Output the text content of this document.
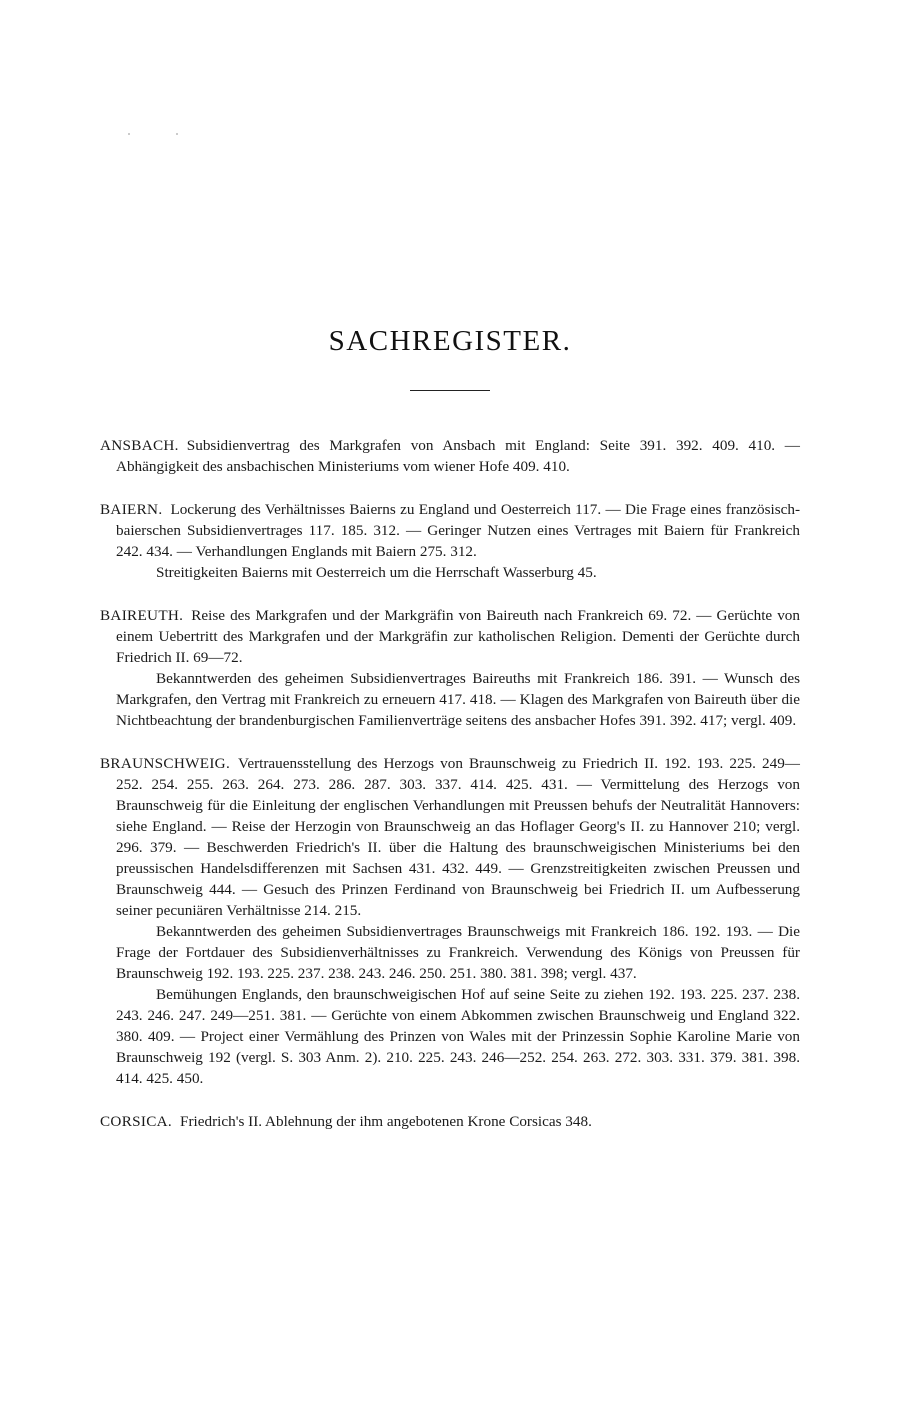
SACHREGISTER.

ANSBACH. Subsidienvertrag des Markgrafen von Ansbach mit England: Seite 391. 392. 409. 410. — Abhängigkeit des ansbachischen Ministeriums vom wiener Hofe 409. 410.

BAIERN. Lockerung des Verhältnisses Baierns zu England und Oesterreich 117. — Die Frage eines französisch-baierschen Subsidienvertrages 117. 185. 312. — Geringer Nutzen eines Vertrages mit Baiern für Frankreich 242. 434. — Verhandlungen Englands mit Baiern 275. 312.

Streitigkeiten Baierns mit Oesterreich um die Herrschaft Wasserburg 45.

BAIREUTH. Reise des Markgrafen und der Markgräfin von Baireuth nach Frankreich 69. 72. — Gerüchte von einem Uebertritt des Markgrafen und der Markgräfin zur katholischen Religion. Dementi der Gerüchte durch Friedrich II. 69—72.

Bekanntwerden des geheimen Subsidienvertrages Baireuths mit Frankreich 186. 391. — Wunsch des Markgrafen, den Vertrag mit Frankreich zu erneuern 417. 418. — Klagen des Markgrafen von Baireuth über die Nichtbeachtung der brandenburgischen Familienverträge seitens des ansbacher Hofes 391. 392. 417; vergl. 409.

BRAUNSCHWEIG. Vertrauensstellung des Herzogs von Braunschweig zu Friedrich II. 192. 193. 225. 249—252. 254. 255. 263. 264. 273. 286. 287. 303. 337. 414. 425. 431. — Vermittelung des Herzogs von Braunschweig für die Einleitung der englischen Verhandlungen mit Preussen behufs der Neutralität Hannovers: siehe England. — Reise der Herzogin von Braunschweig an das Hoflager Georg's II. zu Hannover 210; vergl. 296. 379. — Beschwerden Friedrich's II. über die Haltung des braunschweigischen Ministeriums bei den preussischen Handelsdifferenzen mit Sachsen 431. 432. 449. — Grenzstreitigkeiten zwischen Preussen und Braunschweig 444. — Gesuch des Prinzen Ferdinand von Braunschweig bei Friedrich II. um Aufbesserung seiner pecuniären Verhältnisse 214. 215.

Bekanntwerden des geheimen Subsidienvertrages Braunschweigs mit Frankreich 186. 192. 193. — Die Frage der Fortdauer des Subsidienverhältnisses zu Frankreich. Verwendung des Königs von Preussen für Braunschweig 192. 193. 225. 237. 238. 243. 246. 250. 251. 380. 381. 398; vergl. 437.

Bemühungen Englands, den braunschweigischen Hof auf seine Seite zu ziehen 192. 193. 225. 237. 238. 243. 246. 247. 249—251. 381. — Gerüchte von einem Abkommen zwischen Braunschweig und England 322. 380. 409. — Project einer Vermählung des Prinzen von Wales mit der Prinzessin Sophie Karoline Marie von Braunschweig 192 (vergl. S. 303 Anm. 2). 210. 225. 243. 246—252. 254. 263. 272. 303. 331. 379. 381. 398. 414. 425. 450.

CORSICA. Friedrich's II. Ablehnung der ihm angebotenen Krone Corsicas 348.
